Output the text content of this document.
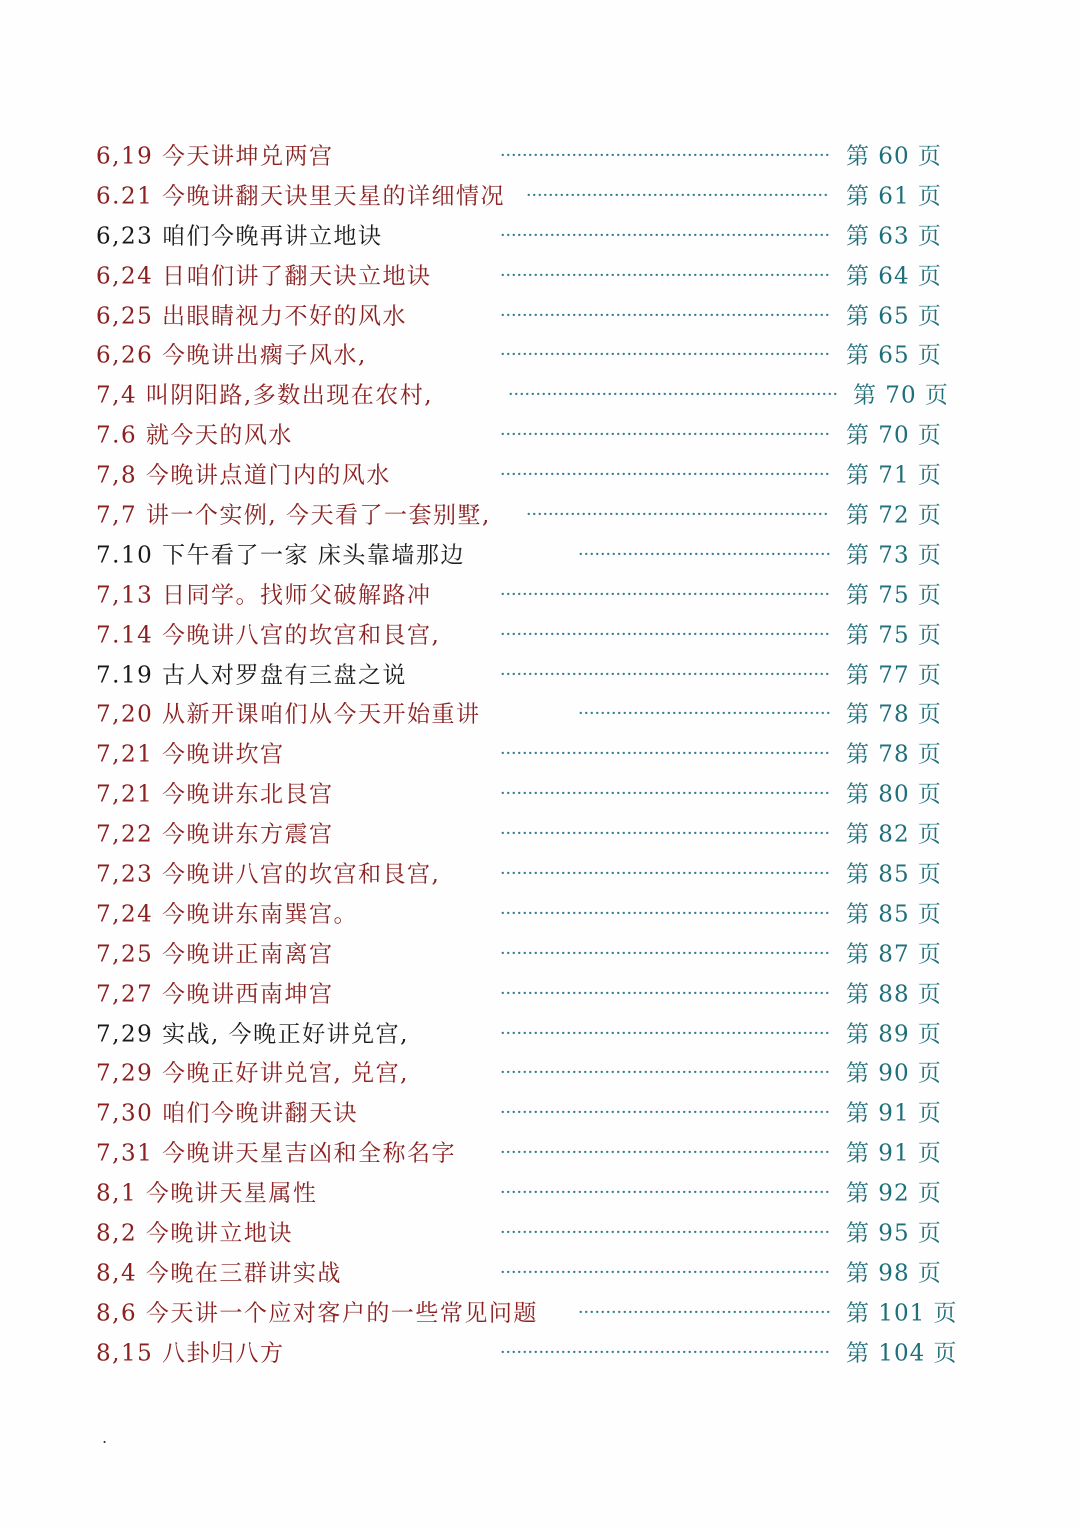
6,19 今天讲坤兑两宫	第 60 页
6.21 今晚讲翻天诀里天星的详细情况	第 61 页
6,23 咱们今晚再讲立地诀	第 63 页
6,24 日咱们讲了翻天诀立地诀	第 64 页
6,25 出眼睛视力不好的风水	第 65 页
6,26 今晚讲出瘸子风水,	第 65 页
7,4 叫阴阳路,多数出现在农村,	第 70 页
7.6 就今天的风水	第 70 页
7,8 今晚讲点道门内的风水	第 71 页
7,7 讲一个实例, 今天看了一套别墅,	第 72 页
7.10 下午看了一家 床头靠墙那边	第 73 页
7,13 日同学。找师父破解路冲	第 75 页
7.14 今晚讲八宫的坎宫和艮宫,	第 75 页
7.19 古人对罗盘有三盘之说	第 77 页
7,20 从新开课咱们从今天开始重讲	第 78 页
7,21 今晚讲坎宫	第 78 页
7,21 今晚讲东北艮宫	第 80 页
7,22 今晚讲东方震宫	第 82 页
7,23 今晚讲八宫的坎宫和艮宫,	第 85 页
7,24 今晚讲东南巽宫。	第 85 页
7,25 今晚讲正南离宫	第 87 页
7,27 今晚讲西南坤宫	第 88 页
7,29 实战, 今晚正好讲兑宫,	第 89 页
7,29 今晚正好讲兑宫, 兑宫,	第 90 页
7,30 咱们今晚讲翻天诀	第 91 页
7,31 今晚讲天星吉凶和全称名字	第 91 页
8,1 今晚讲天星属性	第 92 页
8,2 今晚讲立地诀	第 95 页
8,4 今晚在三群讲实战	第 98 页
8,6 今天讲一个应对客户的一些常见问题	第 101 页
8,15 八卦归八方	第 104 页
.
